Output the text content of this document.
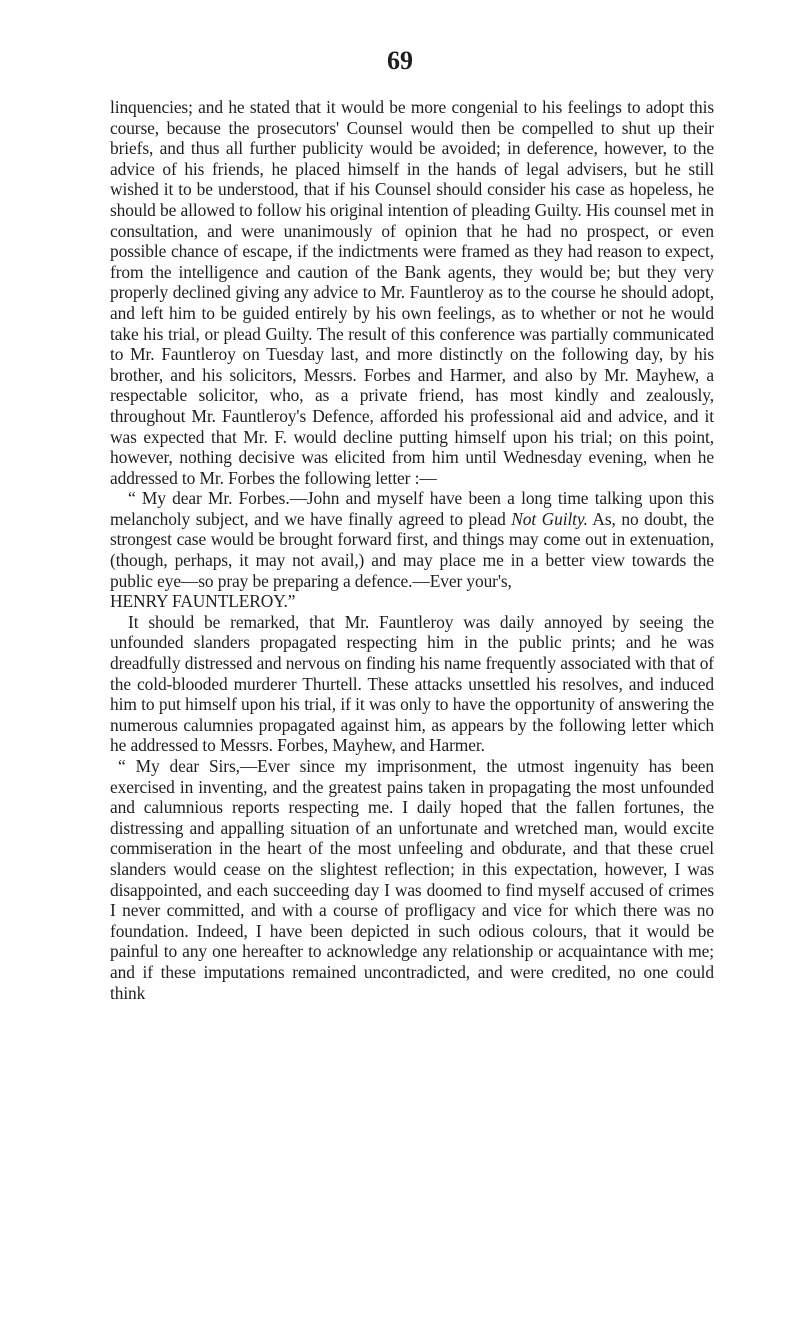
69

linquencies; and he stated that it would be more congenial to his feelings to adopt this course, because the prosecutors' Counsel would then be compelled to shut up their briefs, and thus all further publicity would be avoided; in deference, however, to the advice of his friends, he placed himself in the hands of legal advisers, but he still wished it to be understood, that if his Counsel should consider his case as hopeless, he should be allowed to follow his original intention of pleading Guilty. His counsel met in consultation, and were unanimously of opinion that he had no prospect, or even possible chance of escape, if the indictments were framed as they had reason to expect, from the intelligence and caution of the Bank agents, they would be; but they very properly declined giving any advice to Mr. Fauntleroy as to the course he should adopt, and left him to be guided entirely by his own feelings, as to whether or not he would take his trial, or plead Guilty. The result of this conference was partially communicated to Mr. Fauntleroy on Tuesday last, and more distinctly on the following day, by his brother, and his solicitors, Messrs. Forbes and Harmer, and also by Mr. Mayhew, a respectable solicitor, who, as a private friend, has most kindly and zealously, throughout Mr. Fauntleroy's Defence, afforded his professional aid and advice, and it was expected that Mr. F. would decline putting himself upon his trial; on this point, however, nothing decisive was elicited from him until Wednesday evening, when he addressed to Mr. Forbes the following letter :—

“ My dear Mr. Forbes.—John and myself have been a long time talking upon this melancholy subject, and we have finally agreed to plead Not Guilty. As, no doubt, the strongest case would be brought forward first, and things may come out in extenuation, (though, perhaps, it may not avail,) and may place me in a better view towards the public eye—so pray be preparing a defence.—Ever your's,

HENRY FAUNTLEROY.”

It should be remarked, that Mr. Fauntleroy was daily annoyed by seeing the unfounded slanders propagated respecting him in the public prints; and he was dreadfully distressed and nervous on finding his name frequently associated with that of the cold-blooded murderer Thurtell. These attacks unsettled his resolves, and induced him to put himself upon his trial, if it was only to have the opportunity of answering the numerous calumnies propagated against him, as appears by the following letter which he addressed to Messrs. Forbes, Mayhew, and Harmer.

“ My dear Sirs,—Ever since my imprisonment, the utmost ingenuity has been exercised in inventing, and the greatest pains taken in propagating the most unfounded and calumnious reports respecting me. I daily hoped that the fallen fortunes, the distressing and appalling situation of an unfortunate and wretched man, would excite commiseration in the heart of the most unfeeling and obdurate, and that these cruel slanders would cease on the slightest reflection; in this expectation, however, I was disappointed, and each succeeding day I was doomed to find myself accused of crimes I never committed, and with a course of profligacy and vice for which there was no foundation. Indeed, I have been depicted in such odious colours, that it would be painful to any one hereafter to acknowledge any relationship or acquaintance with me; and if these imputations remained uncontradicted, and were credited, no one could think
